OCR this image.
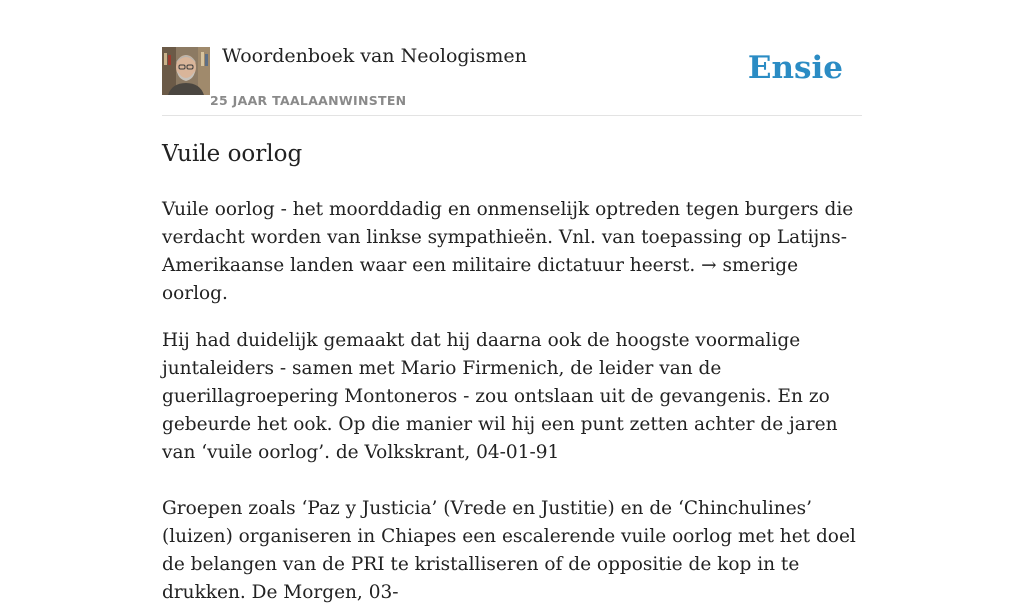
Woordenboek van Neologismen
25 JAAR TAALAANWINSTEN
Ensie
Vuile oorlog

Vuile oorlog - het moorddadig en onmenselijk optreden tegen burgers die verdacht worden van linkse sympathieën. Vnl. van toepassing op Latijns-Amerikaanse landen waar een militaire dictatuur heerst. → smerige oorlog.

Hij had duidelijk gemaakt dat hij daarna ook de hoogste voormalige juntaleiders - samen met Mario Firmenich, de leider van de guerillagroepering Montoneros - zou ontslaan uit de gevangenis. En zo gebeurde het ook. Op die manier wil hij een punt zetten achter de jaren van ‘vuile oorlog’. de Volkskrant, 04-01-91

Groepen zoals ‘Paz y Justicia’ (Vrede en Justitie) en de ‘Chinchulines’ (luizen) organiseren in Chiapes een escalerende vuile oorlog met het doel de belangen van de PRI te kristalliseren of de oppositie de kop in te drukken. De Morgen, 03-
